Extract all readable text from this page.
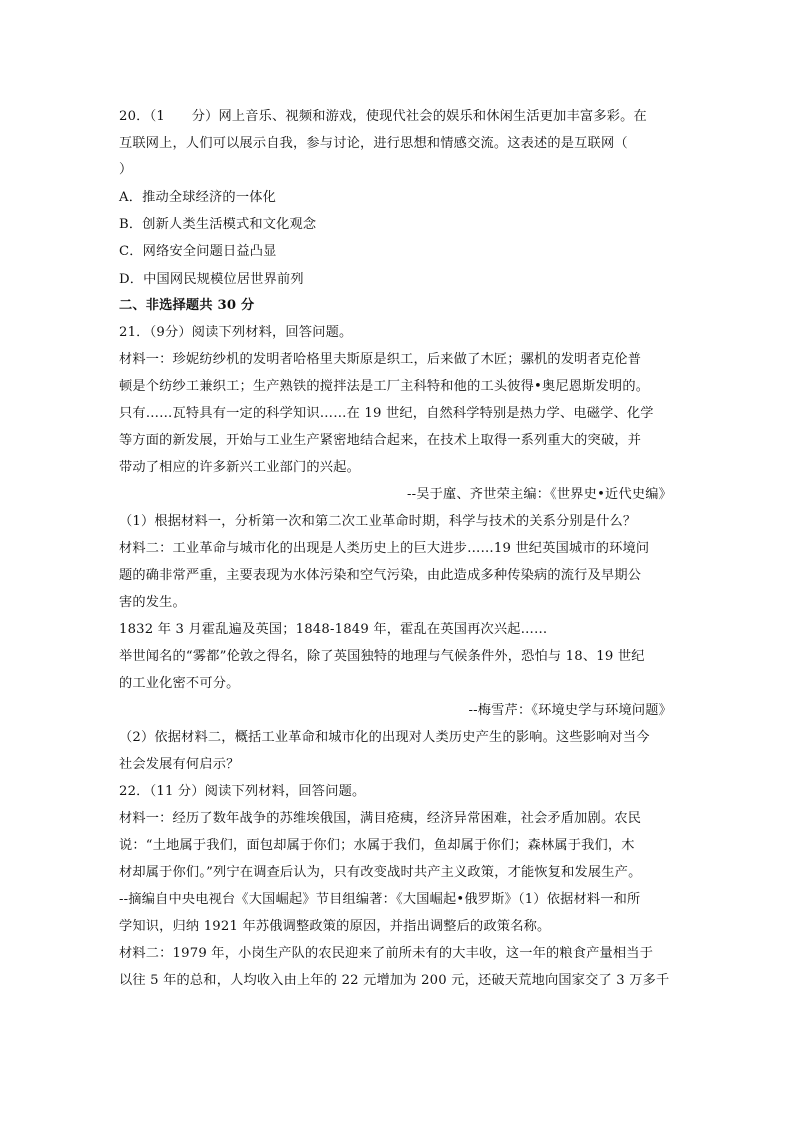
20．（1　　分）网上音乐、视频和游戏，使现代社会的娱乐和休闲生活更加丰富多彩。在
互联网上，人们可以展示自我，参与讨论，进行思想和情感交流。这表述的是互联网（
）
A．推动全球经济的一体化
B．创新人类生活模式和文化观念
C．网络安全问题日益凸显
D．中国网民规模位居世界前列
二、非选择题共 30 分
21．（9分）阅读下列材料，回答问题。
材料一：珍妮纺纱机的发明者哈格里夫斯原是织工，后来做了木匠；骡机的发明者克伦普
顿是个纺纱工兼织工；生产熟铁的搅拌法是工厂主科特和他的工头彼得•奥尼恩斯发明的。
只有……瓦特具有一定的科学知识……在 19 世纪，自然科学特别是热力学、电磁学、化学
等方面的新发展，开始与工业生产紧密地结合起来，在技术上取得一系列重大的突破，并
带动了相应的许多新兴工业部门的兴起。
--吴于廑、齐世荣主编：《世界史•近代史编》
（1）根据材料一，分析第一次和第二次工业革命时期，科学与技术的关系分别是什么？
材料二：工业革命与城市化的出现是人类历史上的巨大进步……19 世纪英国城市的环境问
题的确非常严重，主要表现为水体污染和空气污染，由此造成多种传染病的流行及早期公
害的发生。
1832 年 3 月霍乱遍及英国；1848-1849 年，霍乱在英国再次兴起……
举世闻名的“雾都”伦敦之得名，除了英国独特的地理与气候条件外，恐怕与 18、19 世纪
的工业化密不可分。
--梅雪芹：《环境史学与环境问题》
（2）依据材料二，概括工业革命和城市化的出现对人类历史产生的影响。这些影响对当今
社会发展有何启示？
22．（11 分）阅读下列材料，回答问题。
材料一：经历了数年战争的苏维埃俄国，满目疮痍，经济异常困难，社会矛盾加剧。农民
说：“土地属于我们，面包却属于你们；水属于我们，鱼却属于你们；森林属于我们，木
材却属于你们。”列宁在调查后认为，只有改变战时共产主义政策，才能恢复和发展生产。
--摘编自中央电视台《大国崛起》节目组编著：《大国崛起•俄罗斯》（1）依据材料一和所
学知识，归纳 1921 年苏俄调整政策的原因，并指出调整后的政策名称。
材料二：1979 年，小岗生产队的农民迎来了前所未有的大丰收，这一年的粮食产量相当于
以往 5 年的总和，人均收入由上年的 22 元增加为 200 元，还破天荒地向国家交了 3 万多千
